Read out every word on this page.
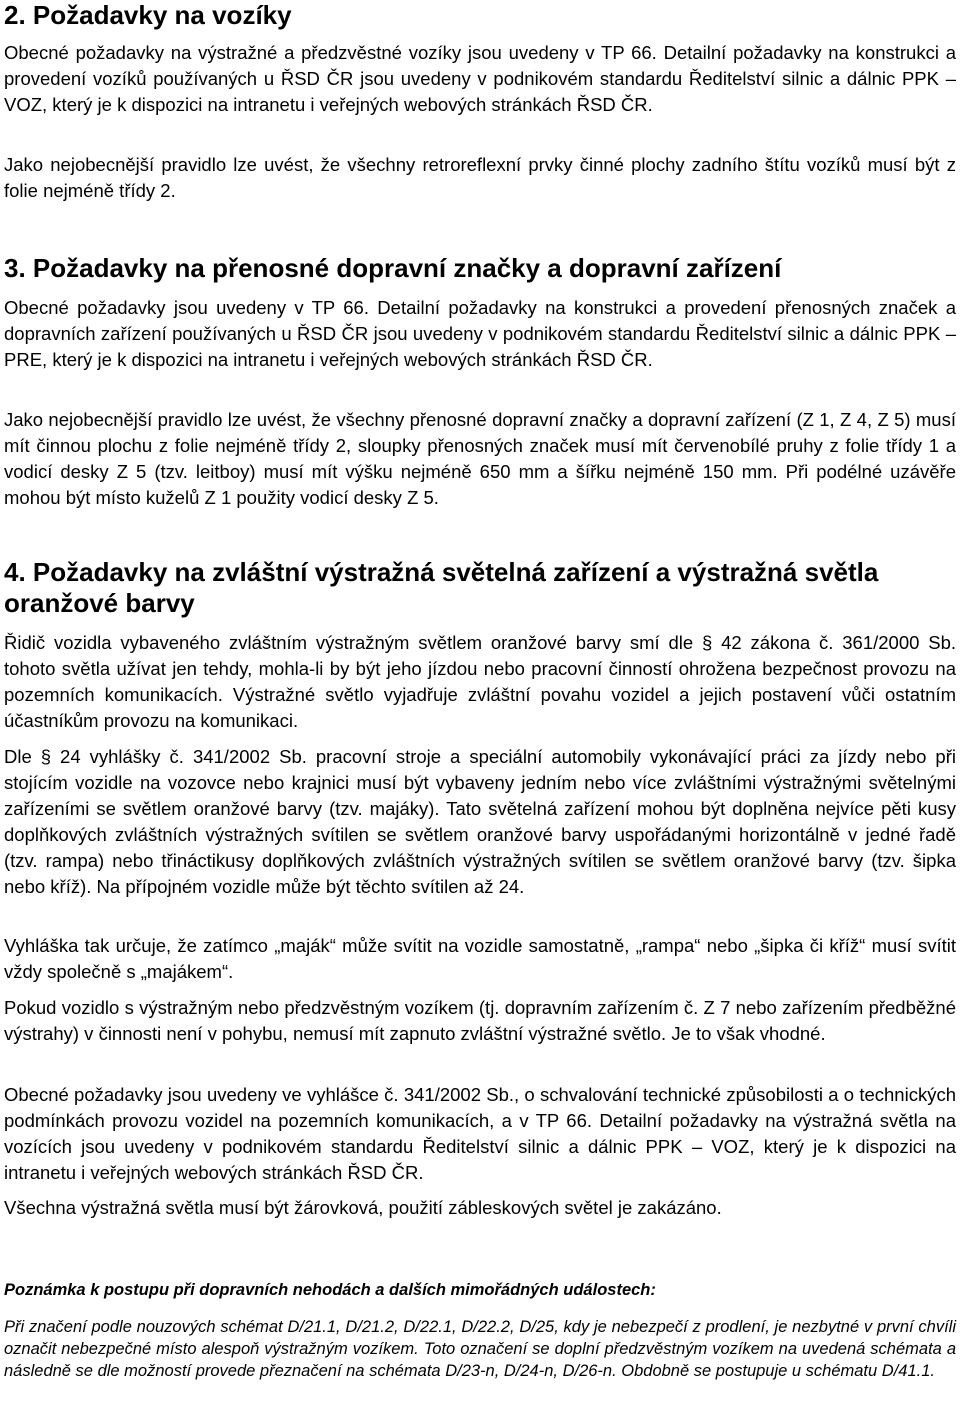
2. Požadavky na vozíky

Obecné požadavky na výstražné a předzvěstné vozíky jsou uvedeny v TP 66. Detailní požadavky na konstrukci a provedení vozíků používaných u ŘSD ČR jsou uvedeny v podnikovém standardu Ředitelství silnic a dálnic PPK – VOZ, který je k dispozici na intranetu i veřejných webových stránkách ŘSD ČR.

Jako nejobecnější pravidlo lze uvést, že všechny retroreflexní prvky činné plochy zadního štítu vozíků musí být z folie nejméně třídy 2.

3. Požadavky na přenosné dopravní značky a dopravní zařízení

Obecné požadavky jsou uvedeny v TP 66. Detailní požadavky na konstrukci a provedení přenosných značek a dopravních zařízení používaných u ŘSD ČR jsou uvedeny v podnikovém standardu Ředitelství silnic a dálnic PPK – PRE, který je k dispozici na intranetu i veřejných webových stránkách ŘSD ČR.

Jako nejobecnější pravidlo lze uvést, že všechny přenosné dopravní značky a dopravní zařízení (Z 1, Z 4, Z 5) musí mít činnou plochu z folie nejméně třídy 2, sloupky přenosných značek musí mít červenobílé pruhy z folie třídy 1 a vodicí desky Z 5 (tzv. leitboy) musí mít výšku nejméně 650 mm a šířku nejméně 150 mm. Při podélné uzávěře mohou být místo kuželů Z 1 použity vodicí desky Z 5.

4. Požadavky na zvláštní výstražná světelná zařízení a výstražná světla oranžové barvy

Řidič vozidla vybaveného zvláštním výstražným světlem oranžové barvy smí dle § 42 zákona č. 361/2000 Sb. tohoto světla užívat jen tehdy, mohla-li by být jeho jízdou nebo pracovní činností ohrožena bezpečnost provozu na pozemních komunikacích. Výstražné světlo vyjadřuje zvláštní povahu vozidel a jejich postavení vůči ostatním účastníkům provozu na komunikaci.

Dle § 24 vyhlášky č. 341/2002 Sb. pracovní stroje a speciální automobily vykonávající práci za jízdy nebo při stojícím vozidle na vozovce nebo krajnici musí být vybaveny jedním nebo více zvláštními výstražnými světelnými zařízeními se světlem oranžové barvy (tzv. majáky). Tato světelná zařízení mohou být doplněna nejvíce pěti kusy doplňkových zvláštních výstražných svítilen se světlem oranžové barvy uspořádanými horizontálně v jedné řadě (tzv. rampa) nebo třináctikusy doplňkových zvláštních výstražných svítilen se světlem oranžové barvy (tzv. šipka nebo kříž). Na přípojném vozidle může být těchto svítilen až 24.

Vyhláška tak určuje, že zatímco „maják“ může svítit na vozidle samostatně, „rampa“ nebo „šipka či kříž“ musí svítit vždy společně s „majákem“.

Pokud vozidlo s výstražným nebo předzvěstným vozíkem (tj. dopravním zařízením č. Z 7 nebo zařízením předběžné výstrahy) v činnosti není v pohybu, nemusí mít zapnuto zvláštní výstražné světlo. Je to však vhodné.

Obecné požadavky jsou uvedeny ve vyhlášce č. 341/2002 Sb., o schvalování technické způsobilosti a o technických podmínkách provozu vozidel na pozemních komunikacích, a v TP 66. Detailní požadavky na výstražná světla na vozících jsou uvedeny v podnikovém standardu Ředitelství silnic a dálnic PPK – VOZ, který je k dispozici na intranetu i veřejných webových stránkách ŘSD ČR.

Všechna výstražná světla musí být žárovková, použití zábleskových světel je zakázáno.

Poznámka k postupu při dopravních nehodách a dalších mimořádných událostech:

Při značení podle nouzových schémat D/21.1, D/21.2, D/22.1, D/22.2, D/25, kdy je nebezpečí z prodlení, je nezbytné v první chvíli označit nebezpečné místo alespoň výstražným vozíkem. Toto označení se doplní předzvěstným vozíkem na uvedená schémata a následně se dle možností provede přeznačení na schémata D/23-n, D/24-n, D/26-n. Obdobně se postupuje u schématu D/41.1.
